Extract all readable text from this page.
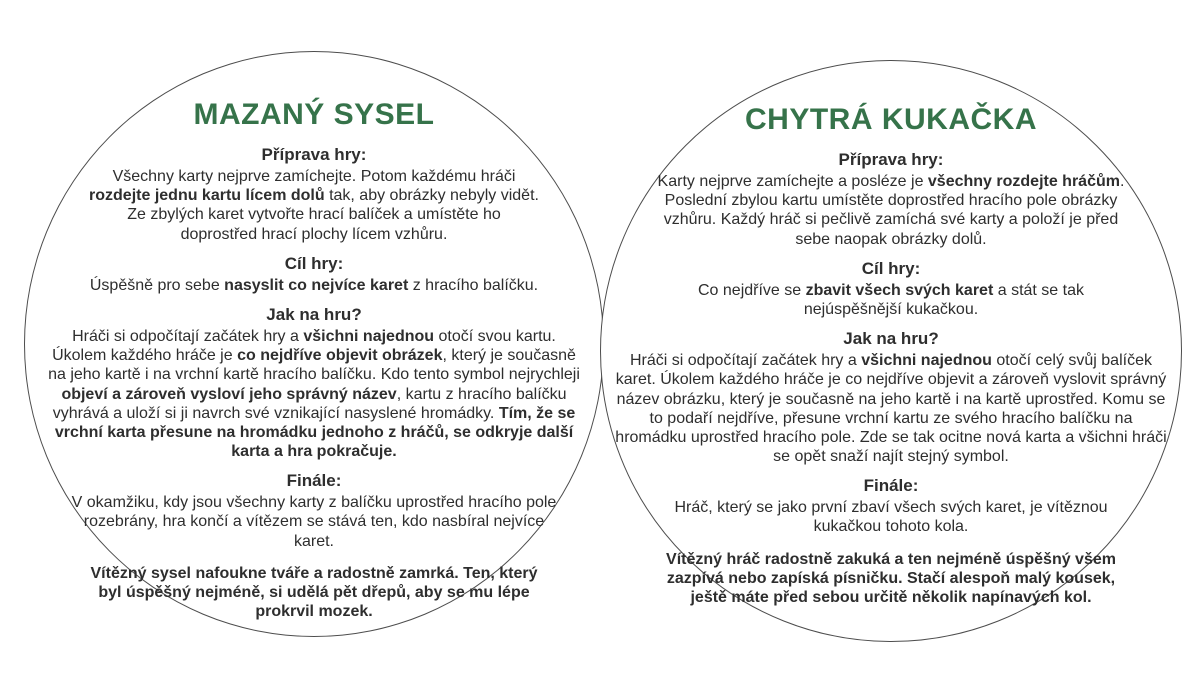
MAZANÝ SYSEL
Příprava hry:
Všechny karty nejprve zamíchejte. Potom každému hráči rozdejte jednu kartu lícem dolů tak, aby obrázky nebyly vidět. Ze zbylých karet vytvořte hrací balíček a umístěte ho doprostřed hrací plochy lícem vzhůru.
Cíl hry:
Úspěšně pro sebe nasyslit co nejvíce karet z hracího balíčku.
Jak na hru?
Hráči si odpočítají začátek hry a všichni najednou otočí svou kartu. Úkolem každého hráče je co nejdříve objevit obrázek, který je současně na jeho kartě i na vrchní kartě hracího balíčku. Kdo tento symbol nejrychleji objeví a zároveň vysloví jeho správný název, kartu z hracího balíčku vyhrává a uloží si ji navrch své vznikající nasyslené hromádky. Tím, že se vrchní karta přesune na hromádku jednoho z hráčů, se odkryje další karta a hra pokračuje.
Finále:
V okamžiku, kdy jsou všechny karty z balíčku uprostřed hracího pole rozebrány, hra končí a vítězem se stává ten, kdo nasbíral nejvíce karet.
Vítězný sysel nafoukne tváře a radostně zamrká. Ten, který byl úspěšný nejméně, si udělá pět dřepů, aby se mu lépe prokrvil mozek.
CHYTRÁ KUKAČKA
Příprava hry:
Karty nejprve zamíchejte a posléze je všechny rozdejte hráčům. Poslední zbylou kartu umístěte doprostřed hracího pole obrázky vzhůru. Každý hráč si pečlivě zamíchá své karty a položí je před sebe naopak obrázky dolů.
Cíl hry:
Co nejdříve se zbavit všech svých karet a stát se tak nejúspěšnější kukačkou.
Jak na hru?
Hráči si odpočítají začátek hry a všichni najednou otočí celý svůj balíček karet. Úkolem každého hráče je co nejdříve objevit a zároveň vyslovit správný název obrázku, který je současně na jeho kartě i na kartě uprostřed. Komu se to podaří nejdříve, přesune vrchní kartu ze svého hracího balíčku na hromádku uprostřed hracího pole. Zde se tak ocitne nová karta a všichni hráči se opět snaží najít stejný symbol.
Finále:
Hráč, který se jako první zbaví všech svých karet, je vítěznou kukačkou tohoto kola.
Vítězný hráč radostně zakuká a ten nejméně úspěšný všem zazpívá nebo zapíská písničku. Stačí alespoň malý kousek, ještě máte před sebou určitě několik napínavých kol.
